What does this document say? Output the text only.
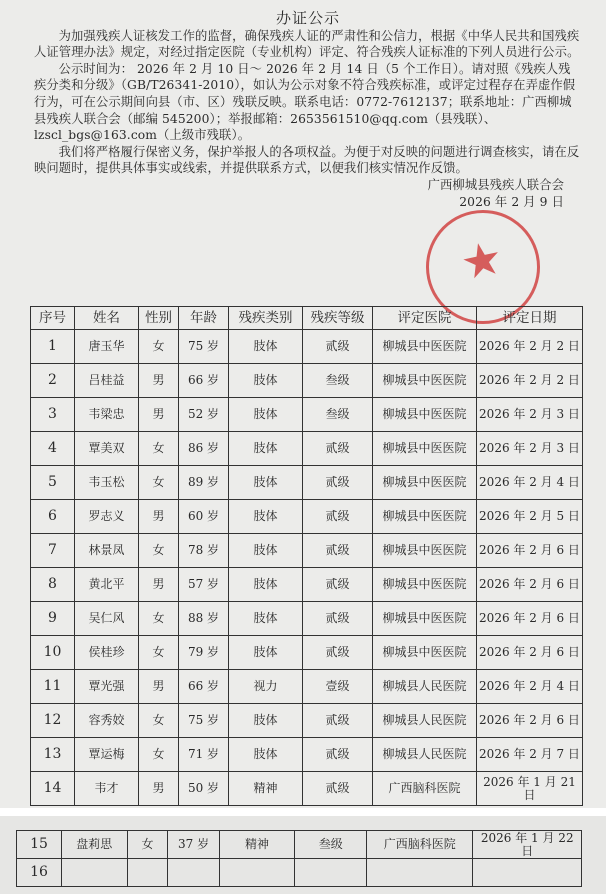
办证公示

为加强残疾人证核发工作的监督，确保残疾人证的严肃性和公信力，根据《中华人民共和国残疾人证管理办法》规定，对经过指定医院（专业机构）评定、符合残疾人证标准的下列人员进行公示。

公示时间为： 2026 年 2 月 10 日～ 2026 年 2 月 14 日（5 个工作日）。请对照《残疾人残疾分类和分级》（GB/T26341-2010），如认为公示对象不符合残疾标准，或评定过程存在弄虚作假行为，可在公示期间向县（市、区）残联反映。联系电话：0772-7612137；联系地址：广西柳城县残疾人联合会（邮编 545200）；举报邮箱：2653561510@qq.com（县残联）、lzscl_bgs@163.com（上级市残联）。

我们将严格履行保密义务，保护举报人的各项权益。为便于对反映的问题进行调查核实，请在反映问题时，提供具体事实或线索，并提供联系方式，以便我们核实情况作反馈。

广西柳城县残疾人联合会

2026 年 2 月 9 日

★
序号	姓名	性别	年龄	残疾类别	残疾等级	评定医院	评定日期
1	唐玉华	女	75 岁	肢体	贰级	柳城县中医医院	2026 年 2 月 2 日
2	吕桂益	男	66 岁	肢体	叁级	柳城县中医医院	2026 年 2 月 2 日
3	韦梁忠	男	52 岁	肢体	叁级	柳城县中医医院	2026 年 2 月 3 日
4	覃美双	女	86 岁	肢体	贰级	柳城县中医医院	2026 年 2 月 3 日
5	韦玉松	女	89 岁	肢体	贰级	柳城县中医医院	2026 年 2 月 4 日
6	罗志义	男	60 岁	肢体	贰级	柳城县中医医院	2026 年 2 月 5 日
7	林景凤	女	78 岁	肢体	贰级	柳城县中医医院	2026 年 2 月 6 日
8	黄北平	男	57 岁	肢体	贰级	柳城县中医医院	2026 年 2 月 6 日
9	吴仁风	女	88 岁	肢体	贰级	柳城县中医医院	2026 年 2 月 6 日
10	侯桂珍	女	79 岁	肢体	贰级	柳城县中医医院	2026 年 2 月 6 日
11	覃光强	男	66 岁	视力	壹级	柳城县人民医院	2026 年 2 月 4 日
12	容秀姣	女	75 岁	肢体	贰级	柳城县人民医院	2026 年 2 月 6 日
13	覃运梅	女	71 岁	肢体	贰级	柳城县人民医院	2026 年 2 月 7 日
14	韦才	男	50 岁	精神	贰级	广西脑科医院	2026 年 1 月 21 日
15	盘莉思	女	37 岁	精神	叁级	广西脑科医院	2026 年 1 月 22 日
16							
